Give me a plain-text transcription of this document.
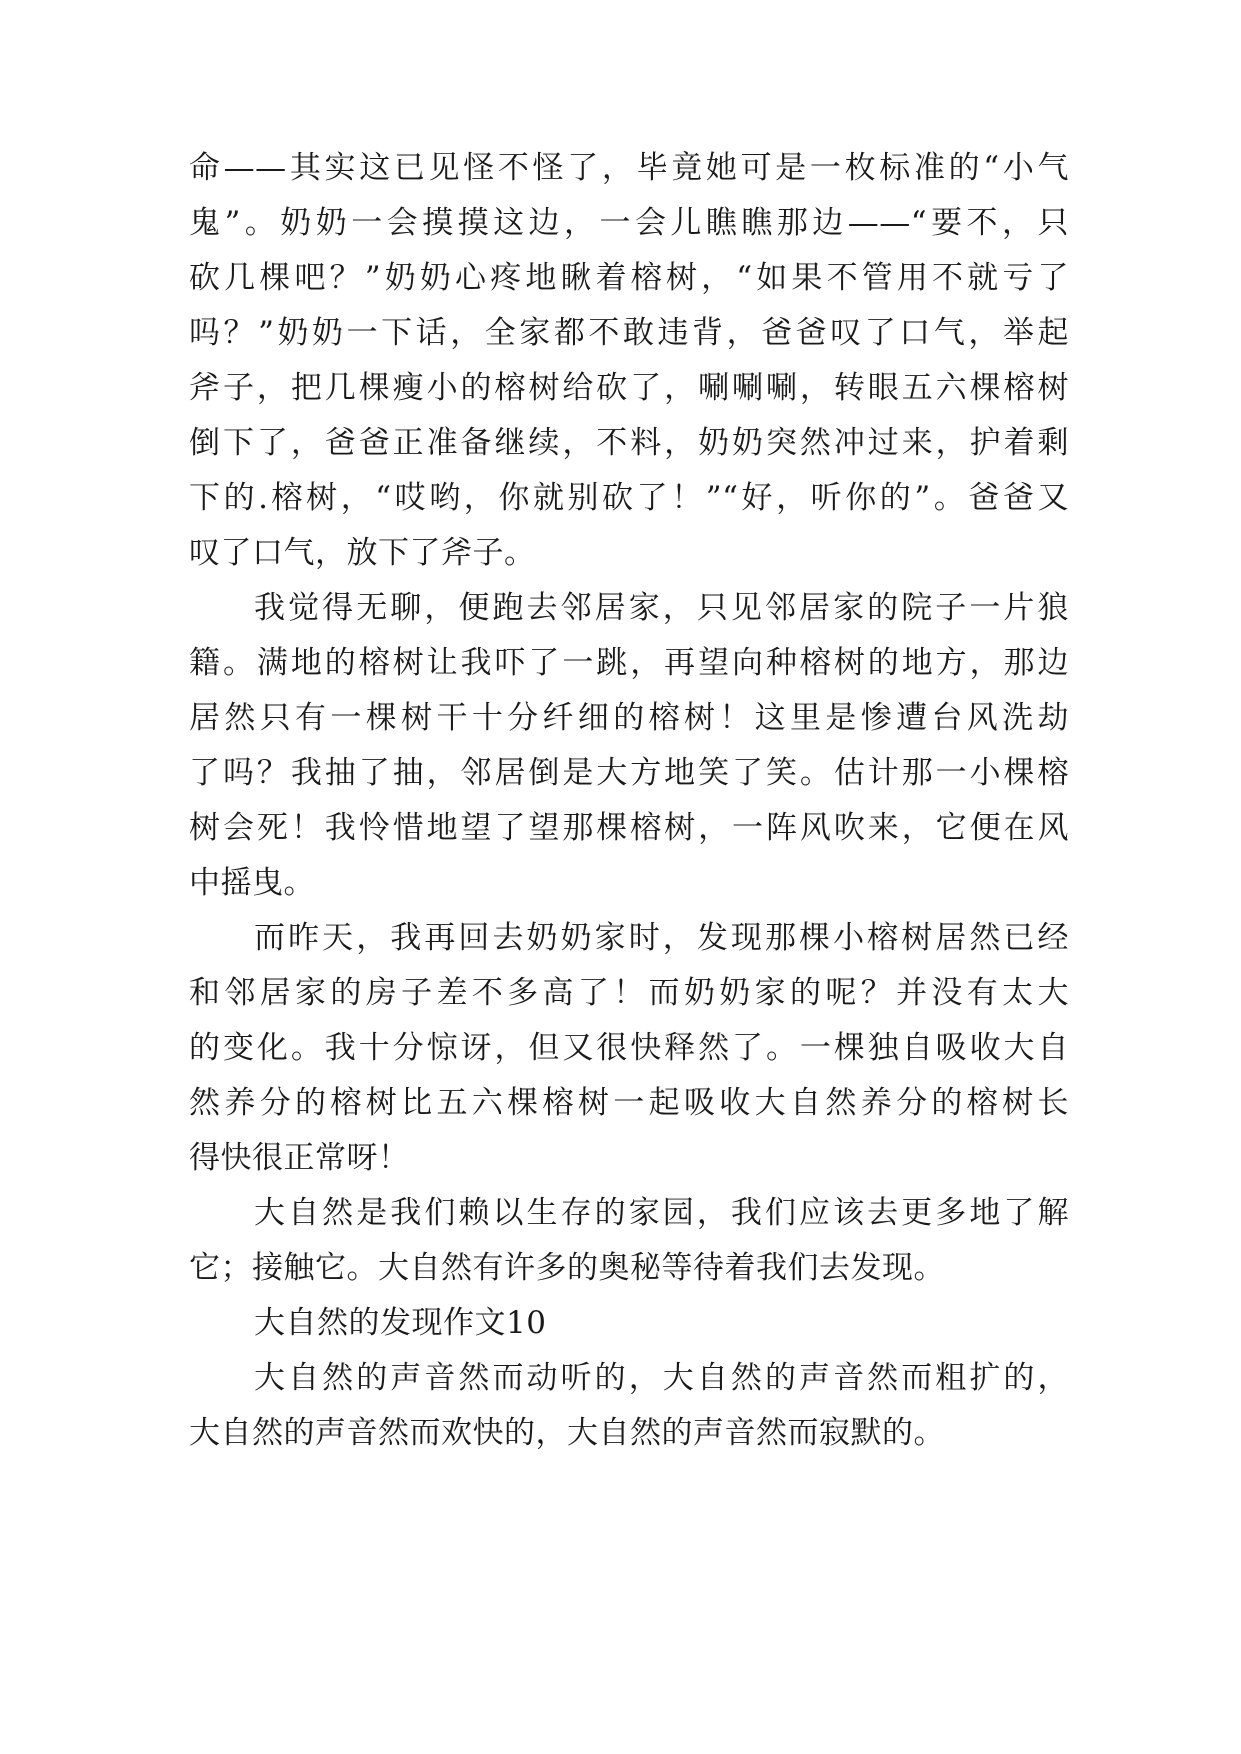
命——其实这已见怪不怪了，毕竟她可是一枚标准的“小气
鬼”。奶奶一会摸摸这边，一会儿瞧瞧那边——“要不，只
砍几棵吧？”奶奶心疼地瞅着榕树，“如果不管用不就亏了
吗？”奶奶一下话，全家都不敢违背，爸爸叹了口气，举起
斧子，把几棵瘦小的榕树给砍了，唰唰唰，转眼五六棵榕树
倒下了，爸爸正准备继续，不料，奶奶突然冲过来，护着剩
下的.榕树，“哎哟，你就别砍了！”“好，听你的”。爸爸又
叹了口气，放下了斧子。
我觉得无聊，便跑去邻居家，只见邻居家的院子一片狼
籍。满地的榕树让我吓了一跳，再望向种榕树的地方，那边
居然只有一棵树干十分纤细的榕树！这里是惨遭台风洗劫
了吗？我抽了抽，邻居倒是大方地笑了笑。估计那一小棵榕
树会死！我怜惜地望了望那棵榕树，一阵风吹来，它便在风
中摇曳。
而昨天，我再回去奶奶家时，发现那棵小榕树居然已经
和邻居家的房子差不多高了！而奶奶家的呢？并没有太大
的变化。我十分惊讶，但又很快释然了。一棵独自吸收大自
然养分的榕树比五六棵榕树一起吸收大自然养分的榕树长
得快很正常呀！
大自然是我们赖以生存的家园，我们应该去更多地了解
它；接触它。大自然有许多的奥秘等待着我们去发现。
大自然的发现作文10
大自然的声音然而动听的，大自然的声音然而粗扩的，
大自然的声音然而欢快的，大自然的声音然而寂默的。
